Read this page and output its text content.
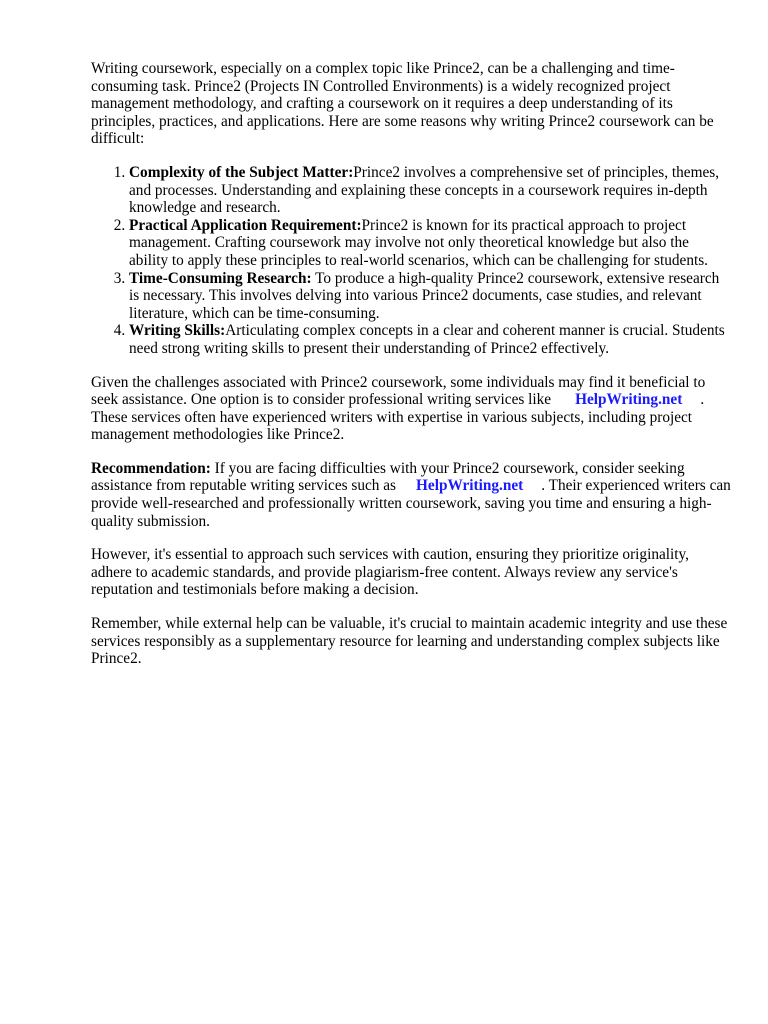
Writing coursework, especially on a complex topic like Prince2, can be a challenging and time-consuming task. Prince2 (Projects IN Controlled Environments) is a widely recognized project management methodology, and crafting a coursework on it requires a deep understanding of its principles, practices, and applications. Here are some reasons why writing Prince2 coursework can be difficult:

1. Complexity of the Subject Matter:Prince2 involves a comprehensive set of principles, themes, and processes. Understanding and explaining these concepts in a coursework requires in-depth knowledge and research.
2. Practical Application Requirement:Prince2 is known for its practical approach to project management. Crafting coursework may involve not only theoretical knowledge but also the ability to apply these principles to real-world scenarios, which can be challenging for students.
3. Time-Consuming Research: To produce a high-quality Prince2 coursework, extensive research is necessary. This involves delving into various Prince2 documents, case studies, and relevant literature, which can be time-consuming.
4. Writing Skills:Articulating complex concepts in a clear and coherent manner is crucial. Students need strong writing skills to present their understanding of Prince2 effectively.

Given the challenges associated with Prince2 coursework, some individuals may find it beneficial to seek assistance. One option is to consider professional writing services like HelpWriting.net . These services often have experienced writers with expertise in various subjects, including project management methodologies like Prince2.

Recommendation: If you are facing difficulties with your Prince2 coursework, consider seeking assistance from reputable writing services such as HelpWriting.net . Their experienced writers can provide well-researched and professionally written coursework, saving you time and ensuring a high-quality submission.

However, it's essential to approach such services with caution, ensuring they prioritize originality, adhere to academic standards, and provide plagiarism-free content. Always review any service's reputation and testimonials before making a decision.

Remember, while external help can be valuable, it's crucial to maintain academic integrity and use these services responsibly as a supplementary resource for learning and understanding complex subjects like Prince2.
